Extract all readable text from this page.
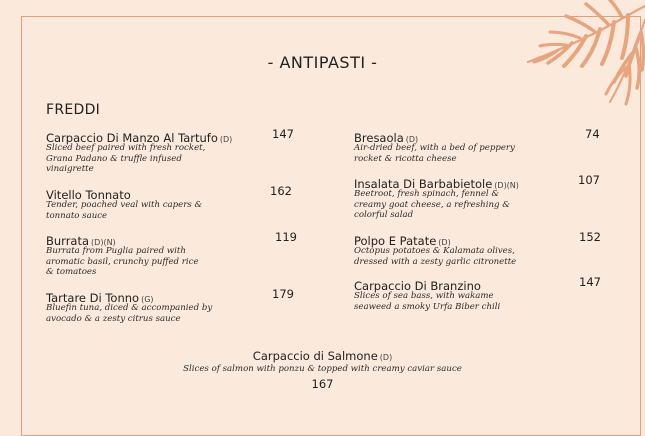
- ANTIPASTI -
FREDDI
Carpaccio Di Manzo Al Tartufo (D)	147
Sliced beef paired with fresh rocket,
Grana Padano & truffle infused
vinaigrette
Vitello Tonnato	162
Tender, poached veal with capers &
tonnato sauce
Burrata (D)(N)	119
Burrata from Puglia paired with
aromatic basil, crunchy puffed rice
& tomatoes
Tartare Di Tonno (G)	179
Bluefin tuna, diced & accompanied by
avocado & a zesty citrus sauce
Bresaola (D)	74
Air-dried beef, with a bed of peppery
rocket & ricotta cheese
Insalata Di Barbabietole (D)(N)	107
Beetroot, fresh spinach, fennel &
creamy goat cheese, a refreshing &
colorful salad
Polpo E Patate (D)	152
Octopus potatoes & Kalamata olives,
dressed with a zesty garlic citronette
Carpaccio Di Branzino	147
Slices of sea bass, with wakame
seaweed a smoky Urfa Biber chili
Carpaccio di Salmone (D)
Slices of salmon with ponzu & topped with creamy caviar sauce
167
